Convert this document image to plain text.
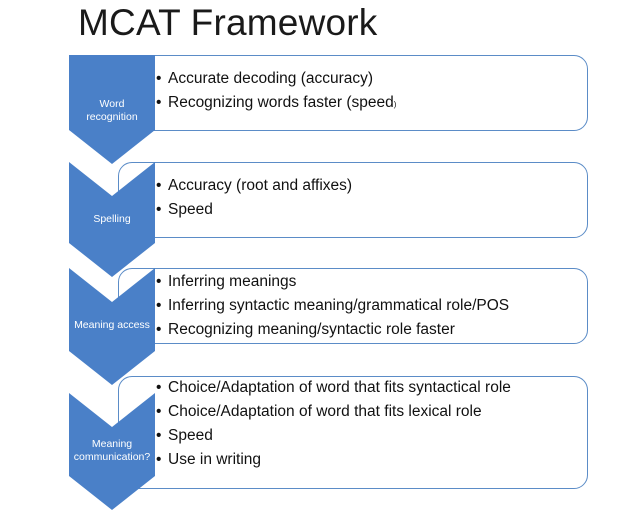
MCAT Framework
Word recognition
Spelling
Meaning access
Meaning communication?
• Accurate decoding (accuracy)
• Recognizing words faster (speed)
• Accuracy (root and affixes)
• Speed
• Inferring meanings
• Inferring syntactic meaning/grammatical role/POS
• Recognizing meaning/syntactic role faster
• Choice/Adaptation of word that fits syntactical role
• Choice/Adaptation of word that fits lexical role
• Speed
• Use in writing
